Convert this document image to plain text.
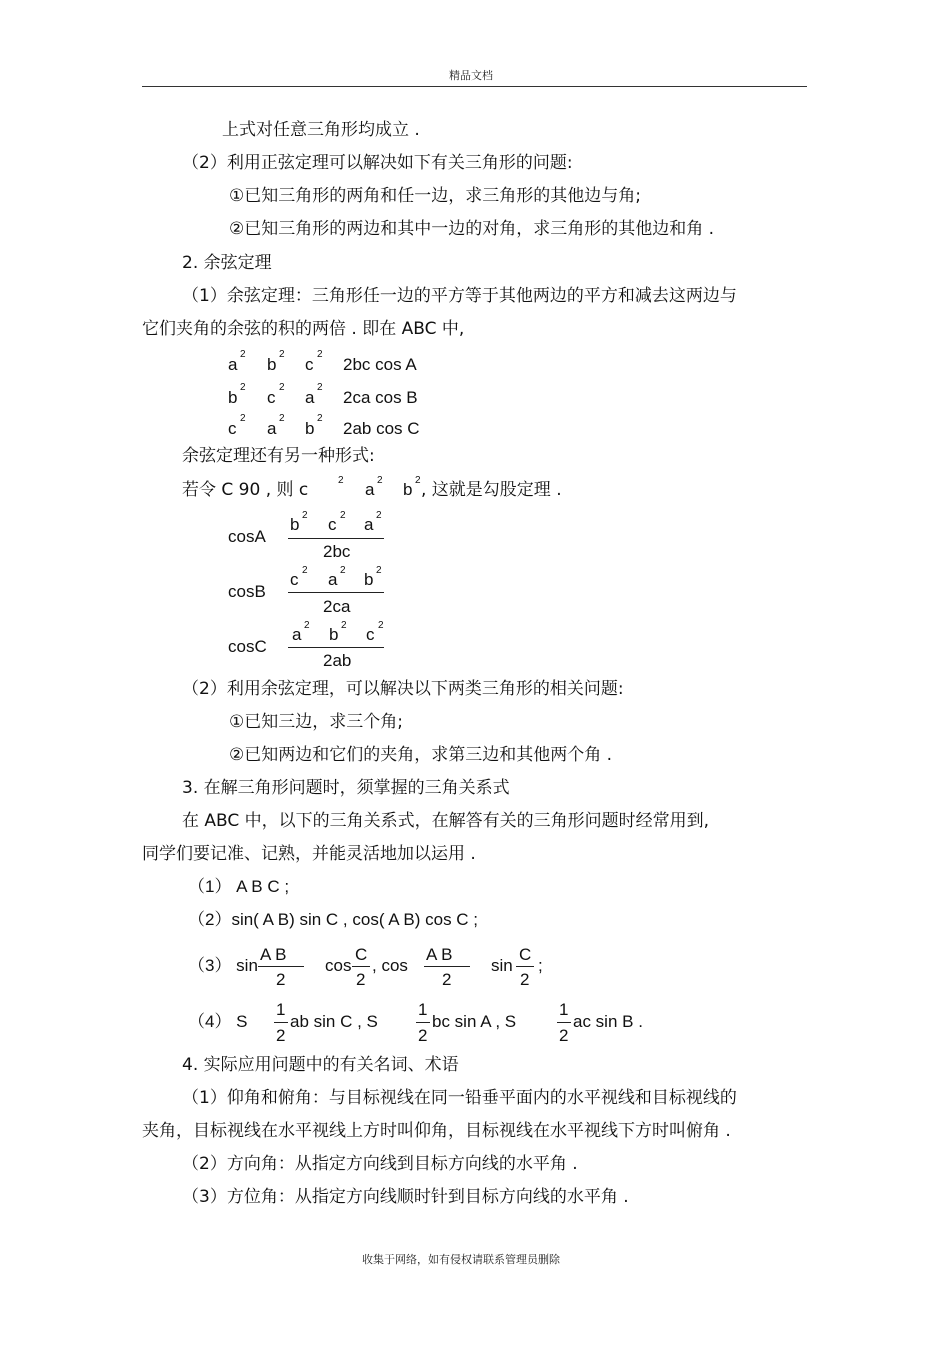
精品文档
上式对任意三角形均成立 .
（2）利用正弦定理可以解决如下有关三角形的问题:
①已知三角形的两角和任一边，求三角形的其他边与角;
②已知三角形的两边和其中一边的对角，求三角形的其他边和角 .
2. 余弦定理
（1）余弦定理：三角形任一边的平方等于其他两边的平方和减去这两边与
它们夹角的余弦的积的两倍 . 即在 ABC 中,
a
2
b
2
c
2
2bc cos A
b
2
c
2
a
2
2ca cos B
c
2
a
2
b
2
2ab cos C
余弦定理还有另一种形式:
若令 C 90 , 则 c	2 a 2 b 2 , 这就是勾股定理 .
cosA
b 2 c 2 a 2
2bc
cosB
c 2 a 2 b 2
2ca
cosC
a 2 b 2 c 2
2ab
（2）利用余弦定理，可以解决以下两类三角形的相关问题:
①已知三边，求三个角;
②已知两边和它们的夹角，求第三边和其他两个角 .
3. 在解三角形问题时，须掌握的三角关系式
在 ABC 中，以下的三角关系式，在解答有关的三角形问题时经常用到,
同学们要记准、记熟，并能灵活地加以运用 .
（1） A B C ;
（2）sin( A B) sin C , cos( A B) cos C ;
（3） sin
A B
2
cos
C
2
, cos
A B
2
sin
C
2
;
（4） S
1
2
ab sin C , S
1
2
bc sin A , S
1
2
ac sin B .
4. 实际应用问题中的有关名词、术语
（1）仰角和俯角：与目标视线在同一铅垂平面内的水平视线和目标视线的
夹角，目标视线在水平视线上方时叫仰角，目标视线在水平视线下方时叫俯角 .
（2）方向角：从指定方向线到目标方向线的水平角 .
（3）方位角：从指定方向线顺时针到目标方向线的水平角 .
收集于网络，如有侵权请联系管理员删除
